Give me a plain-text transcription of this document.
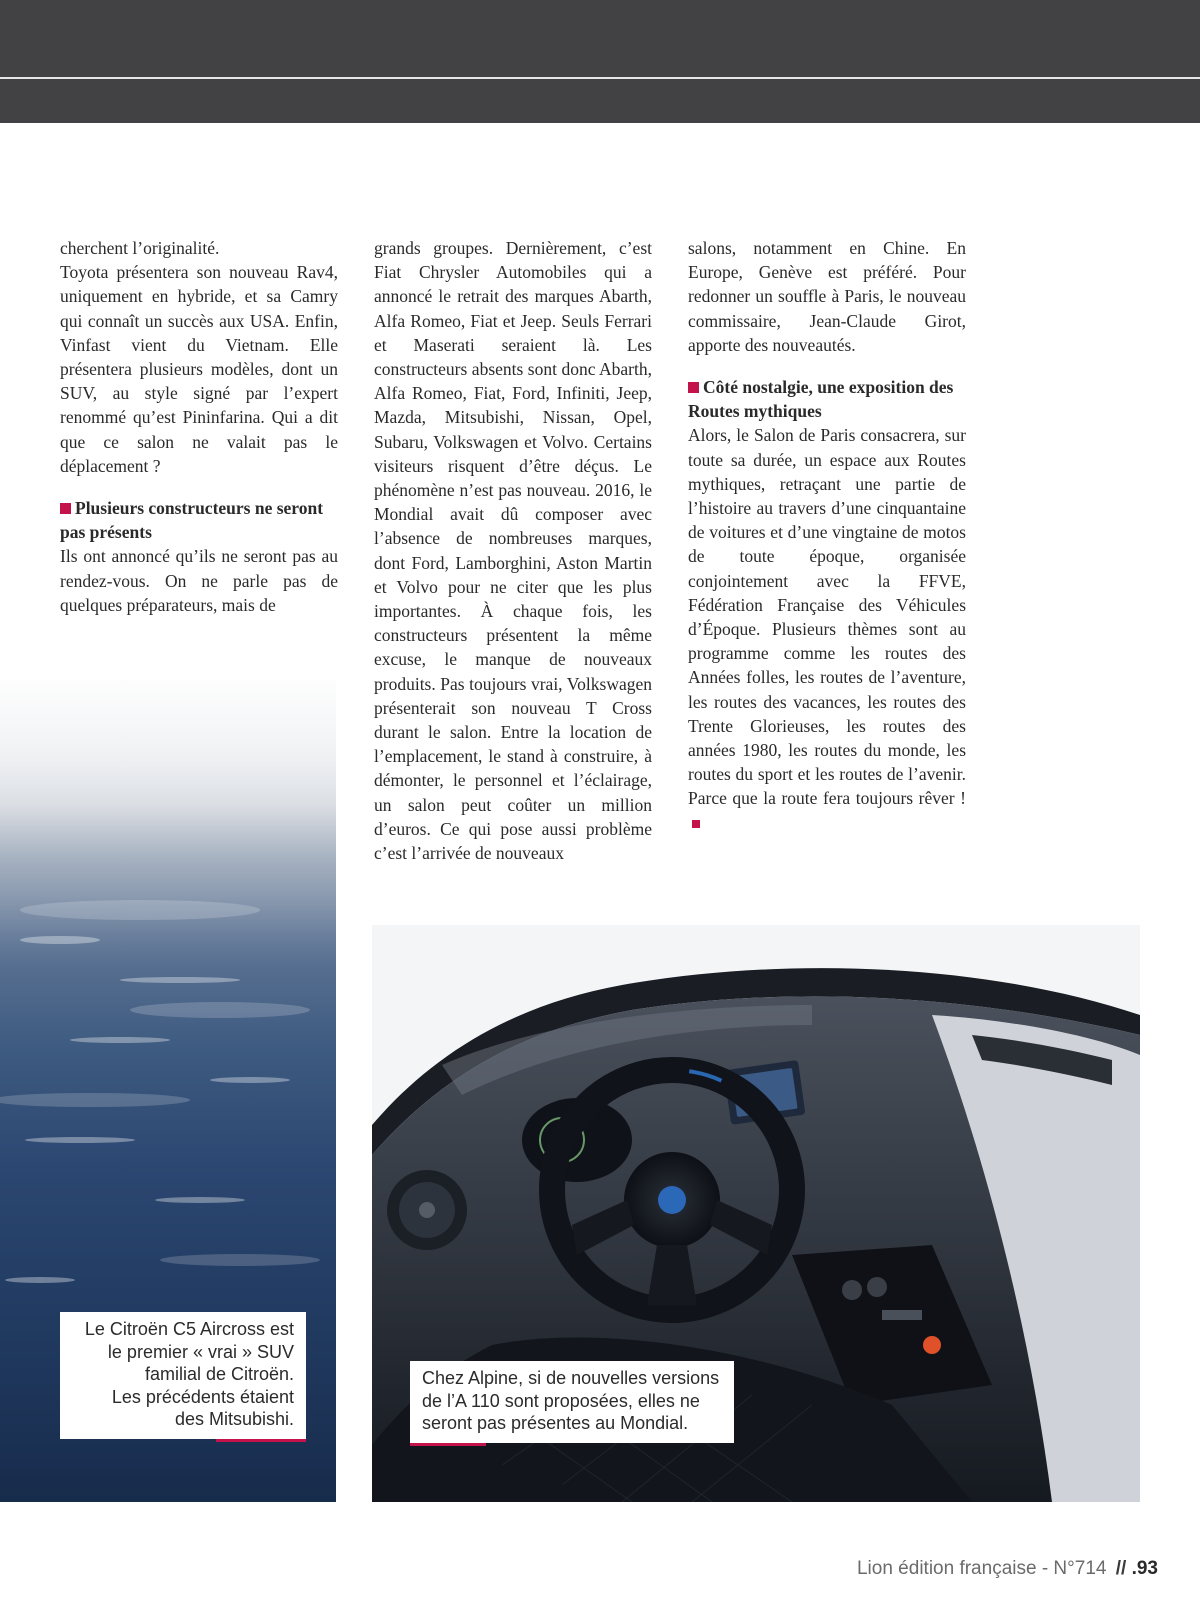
cherchent l’originalité.

Toyota présentera son nouveau Rav4, uniquement en hybride, et sa Camry qui connaît un succès aux USA. Enfin, Vinfast vient du Vietnam. Elle présentera plusieurs modèles, dont un SUV, au style signé par l’expert renommé qu’est Pininfarina. Qui a dit que ce salon ne valait pas le déplacement ?

Plusieurs constructeurs ne seront pas présents

Ils ont annoncé qu’ils ne seront pas au rendez-vous. On ne parle pas de quelques préparateurs, mais de

grands groupes. Dernièrement, c’est Fiat Chrysler Automobiles qui a annoncé le retrait des marques Abarth, Alfa Romeo, Fiat et Jeep. Seuls Ferrari et Maserati seraient là. Les constructeurs absents sont donc Abarth, Alfa Romeo, Fiat, Ford, Infiniti, Jeep, Mazda, Mitsubishi, Nissan, Opel, Subaru, Volkswagen et Volvo. Certains visiteurs risquent d’être déçus. Le phénomène n’est pas nouveau. 2016, le Mondial avait dû composer avec l’absence de nombreuses marques, dont Ford, Lamborghini, Aston Martin et Volvo pour ne citer que les plus importantes. À chaque fois, les constructeurs présentent la même excuse, le manque de nouveaux produits. Pas toujours vrai, Volkswagen présenterait son nouveau T Cross durant le salon. Entre la location de l’emplacement, le stand à construire, à démonter, le personnel et l’éclairage, un salon peut coûter un million d’euros. Ce qui pose aussi problème c’est l’arrivée de nouveaux

salons, notamment en Chine. En Europe, Genève est préféré. Pour redonner un souffle à Paris, le nouveau commissaire, Jean-Claude Girot, apporte des nouveautés.

Côté nostalgie, une exposition des Routes mythiques

Alors, le Salon de Paris consacrera, sur toute sa durée, un espace aux Routes mythiques, retraçant une partie de l’histoire au travers d’une cinquantaine de voitures et d’une vingtaine de motos de toute époque, organisée conjointement avec la FFVE, Fédération Française des Véhicules d’Époque. Plusieurs thèmes sont au programme comme les routes des Années folles, les routes de l’aventure, les routes des vacances, les routes des Trente Glorieuses, les routes des années 1980, les routes du monde, les routes du sport et les routes de l’avenir. Parce que la route fera toujours rêver !

Le Citroën C5 Aircross est
le premier « vrai » SUV
familial de Citroën.
Les précédents étaient
des Mitsubishi.
Chez Alpine, si de nouvelles versions
de l’A 110 sont proposées, elles ne
seront pas présentes au Mondial.
Lion édition française - N°714 // .93
